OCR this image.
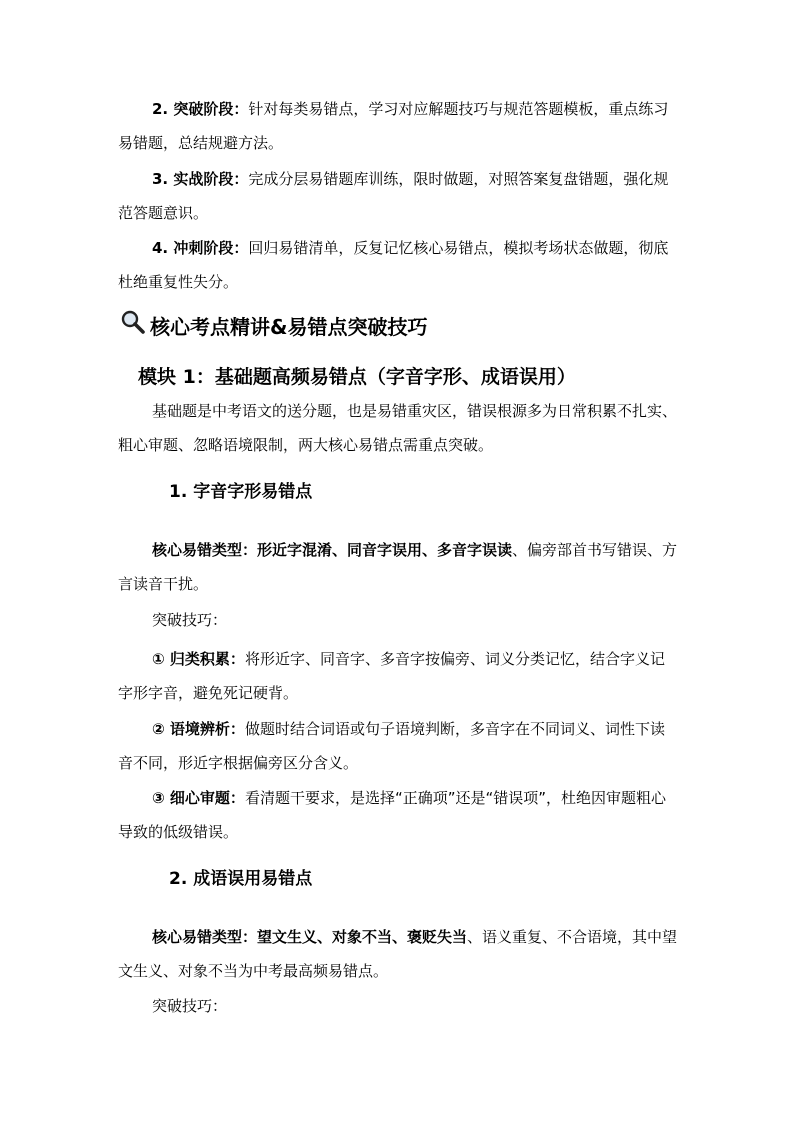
2. 突破阶段：针对每类易错点，学习对应解题技巧与规范答题模板，重点练习易错题，总结规避方法。
3. 实战阶段：完成分层易错题库训练，限时做题，对照答案复盘错题，强化规范答题意识。
4. 冲刺阶段：回归易错清单，反复记忆核心易错点，模拟考场状态做题，彻底杜绝重复性失分。
核心考点精讲&易错点突破技巧
模块 1：基础题高频易错点（字音字形、成语误用）
基础题是中考语文的送分题，也是易错重灾区，错误根源多为日常积累不扎实、粗心审题、忽略语境限制，两大核心易错点需重点突破。
1. 字音字形易错点
核心易错类型：形近字混淆、同音字误用、多音字误读、偏旁部首书写错误、方言读音干扰。
突破技巧：
① 归类积累：将形近字、同音字、多音字按偏旁、词义分类记忆，结合字义记字形字音，避免死记硬背。
② 语境辨析：做题时结合词语或句子语境判断，多音字在不同词义、词性下读音不同，形近字根据偏旁区分含义。
③ 细心审题：看清题干要求，是选择“正确项”还是“错误项”，杜绝因审题粗心导致的低级错误。
2. 成语误用易错点
核心易错类型：望文生义、对象不当、褒贬失当、语义重复、不合语境，其中望文生义、对象不当为中考最高频易错点。
突破技巧：
